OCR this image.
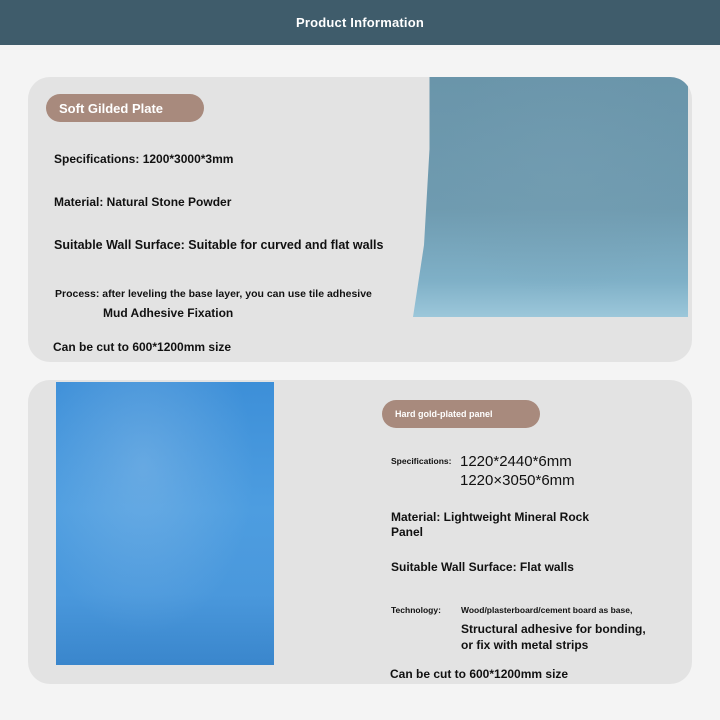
Product Information
Soft Gilded Plate
Specifications: 1200*3000*3mm
Material: Natural Stone Powder
Suitable Wall Surface: Suitable for curved and flat walls
Process: after leveling the base layer, you can use tile adhesive
Mud Adhesive Fixation
Can be cut to 600*1200mm size
Hard gold-plated panel
Specifications: 1220*2440*6mm
1220×3050*6mm
Material: Lightweight Mineral Rock
Panel
Suitable Wall Surface: Flat walls
Technology: Wood/plasterboard/cement board as base,
Structural adhesive for bonding,
or fix with metal strips
Can be cut to 600*1200mm size
